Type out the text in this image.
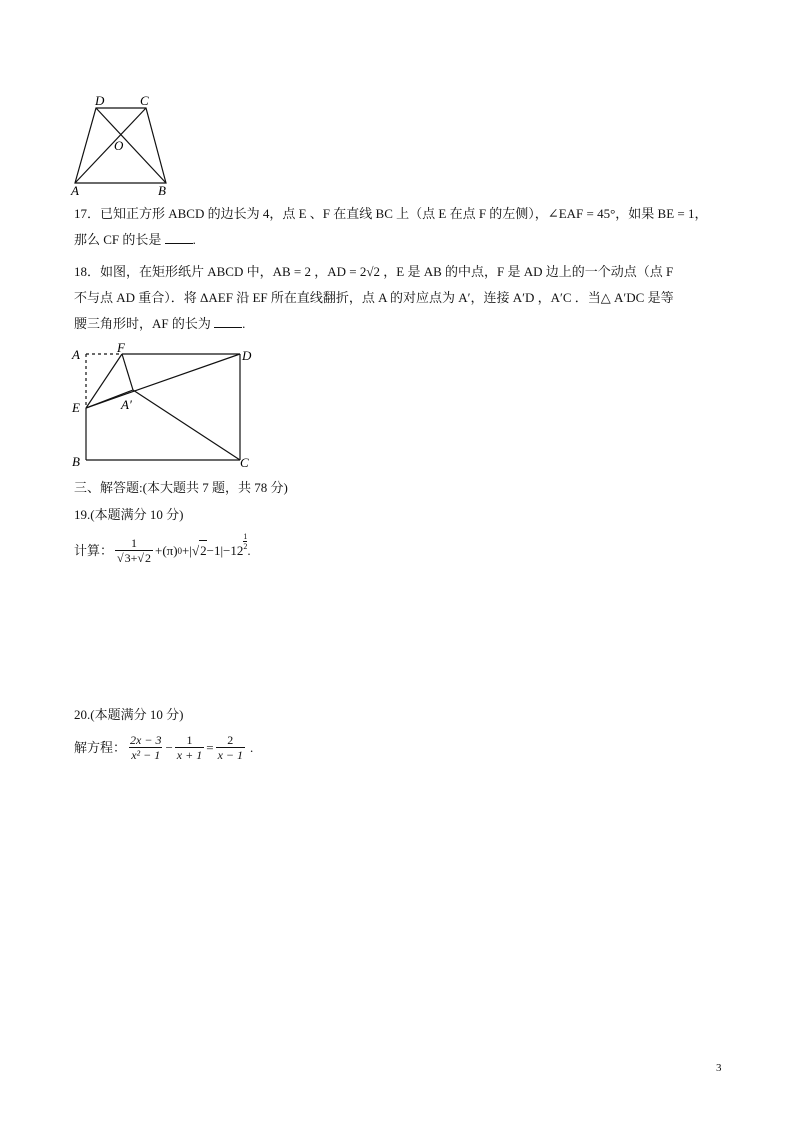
D	C
O
A	B
17．已知正方形 ABCD 的边长为 4，点 E 、F 在直线 BC 上（点 E 在点 F 的左侧），∠EAF = 45°，如果 BE = 1，
那么 CF 的长是 .
18．如图，在矩形纸片 ABCD 中，AB = 2 ，AD = 2√2 ，E 是 AB 的中点，F 是 AD 边上的一个动点（点 F
不与点 AD 重合）．将 ΔAEF 沿 EF 所在直线翻折，点 A 的对应点为 A′，连接 A′D ，A′C ．当△ A′DC 是等
腰三角形时，AF 的长为 .
A	F
D
E	A′
B	C
三、解答题:(本大题共 7 题，共 78 分)
19.(本题满分 10 分)
计算： $\frac{1}{√3+√2} +(\pi)$ 0 +| √ $2 -1|-12 \frac{1}{2}$ .
20.(本题满分 10 分)
解方程： $\frac{2x - 3}{\text{x² − 1}} - \frac{1}{x + 1} = \frac{2}{x - 1}$ .
3
